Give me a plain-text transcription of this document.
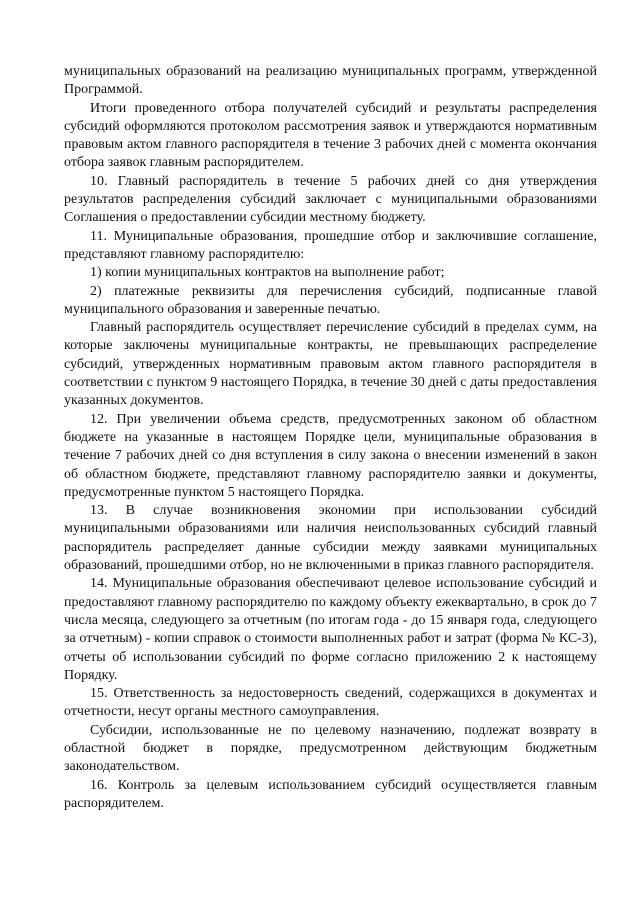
муниципальных образований на реализацию муниципальных программ, утвержденной Программой.

Итоги проведенного отбора получателей субсидий и результаты распределения субсидий оформляются протоколом рассмотрения заявок и утверждаются нормативным правовым актом главного распорядителя в течение 3 рабочих дней с момента окончания отбора заявок главным распорядителем.

10. Главный распорядитель в течение 5 рабочих дней со дня утверждения результатов распределения субсидий заключает с муниципальными образованиями Соглашения о предоставлении субсидии местному бюджету.

11. Муниципальные образования, прошедшие отбор и заключившие соглашение, представляют главному распорядителю:

1) копии муниципальных контрактов на выполнение работ;

2) платежные реквизиты для перечисления субсидий, подписанные главой муниципального образования и заверенные печатью.

Главный распорядитель осуществляет перечисление субсидий в пределах сумм, на которые заключены муниципальные контракты, не превышающих распределение субсидий, утвержденных нормативным правовым актом главного распорядителя в соответствии с пунктом 9 настоящего Порядка, в течение 30 дней с даты предоставления указанных документов.

12. При увеличении объема средств, предусмотренных законом об областном бюджете на указанные в настоящем Порядке цели, муниципальные образования в течение 7 рабочих дней со дня вступления в силу закона о внесении изменений в закон об областном бюджете, представляют главному распорядителю заявки и документы, предусмотренные пунктом 5 настоящего Порядка.

13. В случае возникновения экономии при использовании субсидий муниципальными образованиями или наличия неиспользованных субсидий главный распорядитель распределяет данные субсидии между заявками муниципальных образований, прошедшими отбор, но не включенными в приказ главного распорядителя.

14. Муниципальные образования обеспечивают целевое использование субсидий и предоставляют главному распорядителю по каждому объекту ежеквартально, в срок до 7 числа месяца, следующего за отчетным (по итогам года - до 15 января года, следующего за отчетным) - копии справок о стоимости выполненных работ и затрат (форма № КС-3), отчеты об использовании субсидий по форме согласно приложению 2 к настоящему Порядку.

15. Ответственность за недостоверность сведений, содержащихся в документах и отчетности, несут органы местного самоуправления.

Субсидии, использованные не по целевому назначению, подлежат возврату в областной бюджет в порядке, предусмотренном действующим бюджетным законодательством.

16. Контроль за целевым использованием субсидий осуществляется главным распорядителем.
